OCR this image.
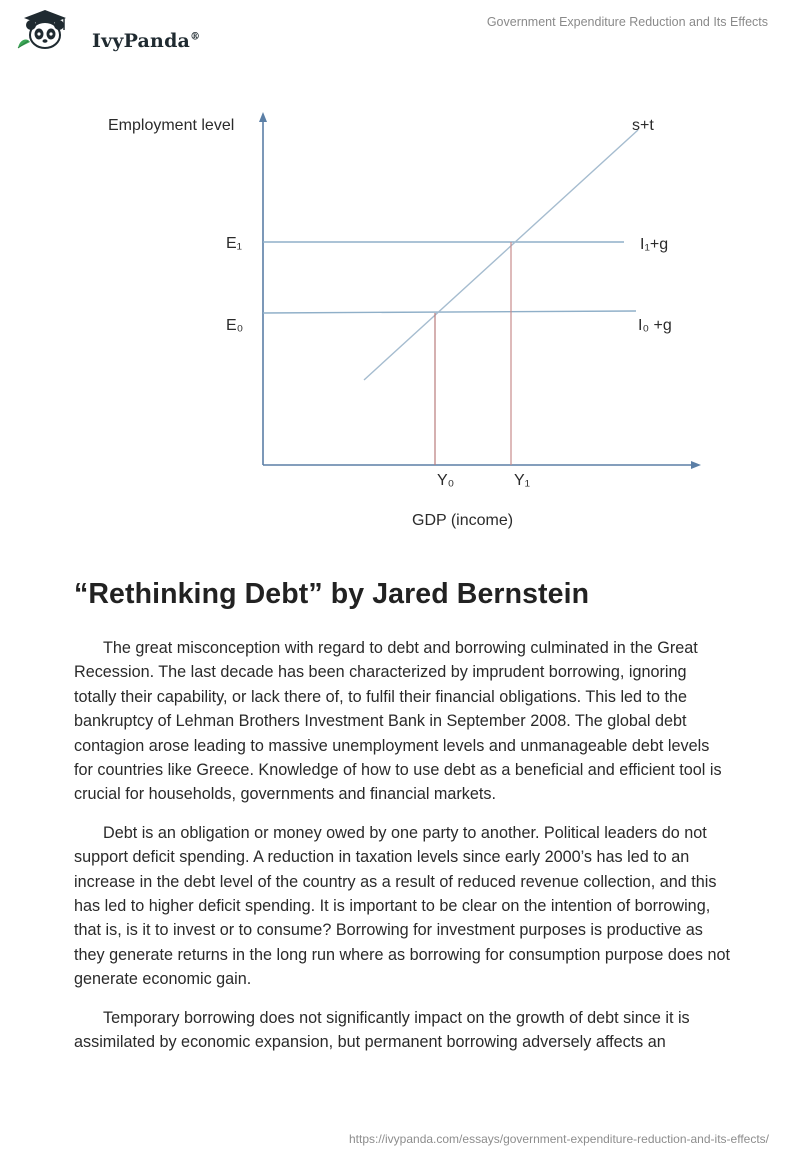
IvyPanda®
Government Expenditure Reduction and Its Effects
Employment level	s+t
E₁	I₁+g
E₀	I₀ +g
Y₀	Y₁
GDP (income)
“Rethinking Debt” by Jared Bernstein

The great misconception with regard to debt and borrowing culminated in the Great Recession. The last decade has been characterized by imprudent borrowing, ignoring totally their capability, or lack there of, to fulfil their financial obligations. This led to the bankruptcy of Lehman Brothers Investment Bank in September 2008. The global debt contagion arose leading to massive unemployment levels and unmanageable debt levels for countries like Greece. Knowledge of how to use debt as a beneficial and efficient tool is crucial for households, governments and financial markets.

Debt is an obligation or money owed by one party to another. Political leaders do not support deficit spending. A reduction in taxation levels since early 2000’s has led to an increase in the debt level of the country as a result of reduced revenue collection, and this has led to higher deficit spending. It is important to be clear on the intention of borrowing, that is, is it to invest or to consume? Borrowing for investment purposes is productive as they generate returns in the long run where as borrowing for consumption purpose does not generate economic gain.

Temporary borrowing does not significantly impact on the growth of debt since it is assimilated by economic expansion, but permanent borrowing adversely affects an

https://ivypanda.com/essays/government-expenditure-reduction-and-its-effects/
